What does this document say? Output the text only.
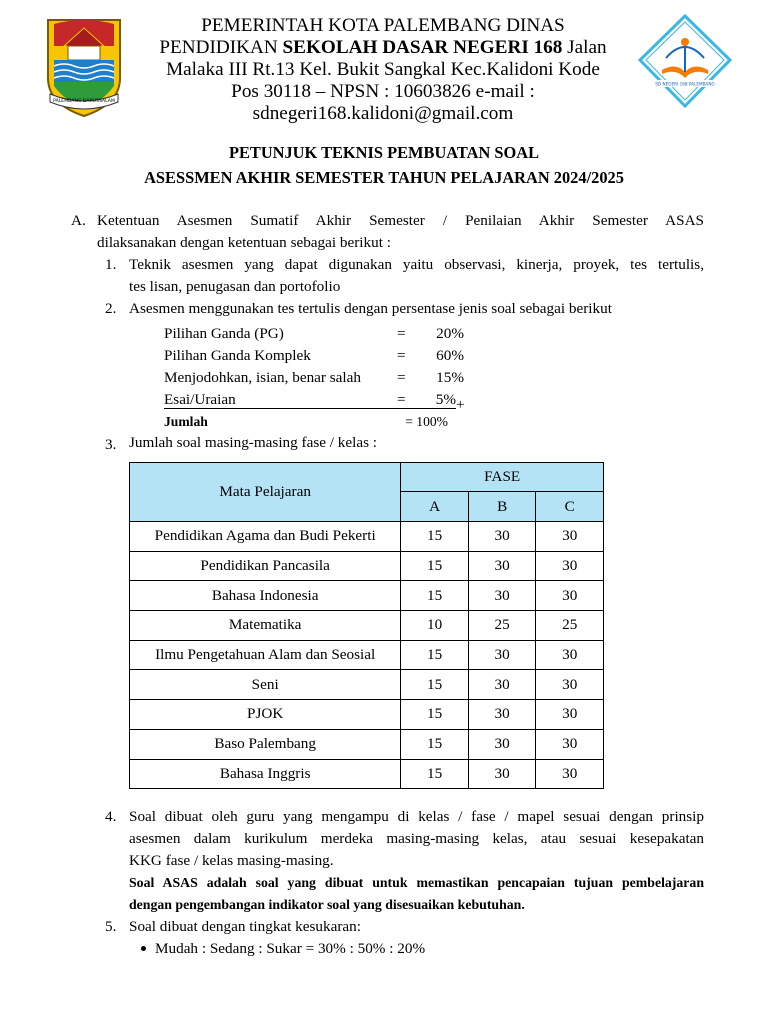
PALEMBANG DARUSSALAM
SD NEGERI 168 PALEMBANG

PEMERINTAH KOTA PALEMBANG DINAS

PENDIDIKAN SEKOLAH DASAR NEGERI 168 Jalan

Malaka III Rt.13 Kel. Bukit Sangkal Kec.Kalidoni Kode

Pos 30118 – NPSN : 10603826 e-mail :

sdnegeri168.kalidoni@gmail.com

PETUNJUK TEKNIS PEMBUATAN SOAL
ASESSMEN AKHIR SEMESTER TAHUN PELAJARAN 2024/2025
A. Ketentuan Asesmen Sumatif Akhir Semester / Penilaian Akhir Semester ASAS
dilaksanakan dengan ketentuan sebagai berikut :
1. Teknik asesmen yang dapat digunakan yaitu observasi, kinerja, proyek, tes tertulis,
tes lisan, penugasan dan portofolio
2. Asesmen menggunakan tes tertulis dengan persentase jenis soal sebagai berikut
Pilihan Ganda (PG)	=	20%
Pilihan Ganda Komplek	=	60%
Menjodohkan, isian, benar salah =	15%
Esai/Uraian	=	5% +
Jumlah	= 100%
3. Jumlah soal masing-masing fase / kelas :
Mata Pelajaran	FASE		
	A	B	C
Pendidikan Agama dan Budi Pekerti	15	30	30
Pendidikan Pancasila	15	30	30
Bahasa Indonesia	15	30	30
Matematika	10	25	25
Ilmu Pengetahuan Alam dan Seosial	15	30	30
Seni	15	30	30
PJOK	15	30	30
Baso Palembang	15	30	30
Bahasa Inggris	15	30	30
4. Soal dibuat oleh guru yang mengampu di kelas / fase / mapel sesuai dengan prinsip
asesmen dalam kurikulum merdeka masing-masing kelas, atau sesuai kesepakatan
KKG fase / kelas masing-masing.
Soal ASAS adalah soal yang dibuat untuk memastikan pencapaian tujuan pembelajaran
dengan pengembangan indikator soal yang disesuaikan kebutuhan.
5. Soal dibuat dengan tingkat kesukaran:
Mudah : Sedang : Sukar = 30% : 50% : 20%
